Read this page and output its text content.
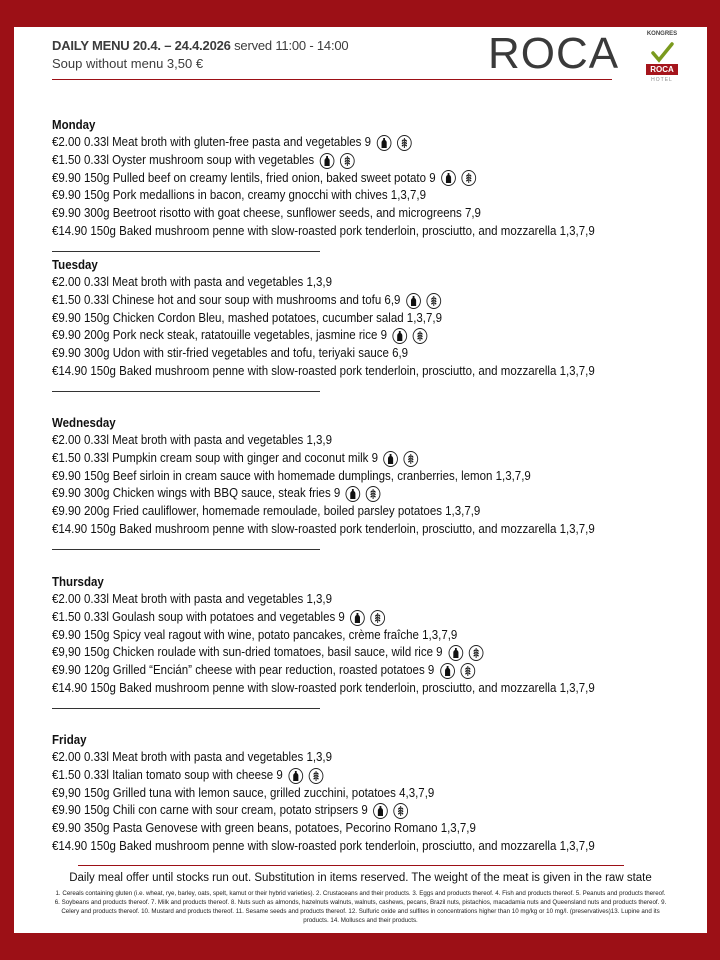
DAILY MENU 20.4. – 24.4.2026 served 11:00 - 14:00
Soup without menu 3,50 €	ROCA	KONGRES
ROCA
HOTEL
Monday
€2.00 0.33l Meat broth with gluten-free pasta and vegetables 9
€1.50 0.33l Oyster mushroom soup with vegetables
€9.90 150g Pulled beef on creamy lentils, fried onion, baked sweet potato 9
€9.90 150g Pork medallions in bacon, creamy gnocchi with chives 1,3,7,9
€9.90 300g Beetroot risotto with goat cheese, sunflower seeds, and microgreens 7,9
€14.90 150g Baked mushroom penne with slow-roasted pork tenderloin, prosciutto, and mozzarella 1,3,7,9
Tuesday
€2.00 0.33l Meat broth with pasta and vegetables 1,3,9
€1.50 0.33l Chinese hot and sour soup with mushrooms and tofu 6,9
€9.90 150g Chicken Cordon Bleu, mashed potatoes, cucumber salad 1,3,7,9
€9.90 200g Pork neck steak, ratatouille vegetables, jasmine rice 9
€9.90 300g Udon with stir-fried vegetables and tofu, teriyaki sauce 6,9
€14.90 150g Baked mushroom penne with slow-roasted pork tenderloin, prosciutto, and mozzarella 1,3,7,9
Wednesday
€2.00 0.33l Meat broth with pasta and vegetables 1,3,9
€1.50 0.33l Pumpkin cream soup with ginger and coconut milk 9
€9.90 150g Beef sirloin in cream sauce with homemade dumplings, cranberries, lemon 1,3,7,9
€9.90 300g Chicken wings with BBQ sauce, steak fries 9
€9.90 200g Fried cauliflower, homemade remoulade, boiled parsley potatoes 1,3,7,9
€14.90 150g Baked mushroom penne with slow-roasted pork tenderloin, prosciutto, and mozzarella 1,3,7,9
Thursday
€2.00 0.33l Meat broth with pasta and vegetables 1,3,9
€1.50 0.33l Goulash soup with potatoes and vegetables 9
€9.90 150g Spicy veal ragout with wine, potato pancakes, crème fraîche 1,3,7,9
€9,90 150g Chicken roulade with sun-dried tomatoes, basil sauce, wild rice 9
€9.90 120g Grilled “Encián” cheese with pear reduction, roasted potatoes 9
€14.90 150g Baked mushroom penne with slow-roasted pork tenderloin, prosciutto, and mozzarella 1,3,7,9
Friday
€2.00 0.33l Meat broth with pasta and vegetables 1,3,9
€1.50 0.33l Italian tomato soup with cheese 9
€9,90 150g Grilled tuna with lemon sauce, grilled zucchini, potatoes 4,3,7,9
€9.90 150g Chili con carne with sour cream, potato stripsers 9
€9.90 350g Pasta Genovese with green beans, potatoes, Pecorino Romano 1,3,7,9
€14.90 150g Baked mushroom penne with slow-roasted pork tenderloin, prosciutto, and mozzarella 1,3,7,9
Daily meal offer until stocks run out. Substitution in items reserved. The weight of the meat is given in the raw state
1. Cereals containing gluten (i.e. wheat, rye, barley, oats, spelt, kamut or their hybrid varieties). 2. Crustaceans and their products. 3. Eggs and products thereof. 4. Fish and products thereof. 5. Peanuts and products thereof. 6. Soybeans and products thereof. 7. Milk and products thereof. 8. Nuts such as almonds, hazelnuts walnuts, walnuts, cashews, pecans, Brazil nuts, pistachios, macadamia nuts and Queensland nuts and products thereof. 9. Celery and products thereof. 10. Mustard and products thereof. 11. Sesame seeds and products thereof. 12. Sulfuric oxide and sulfites in concentrations higher than 10 mg/kg or 10 mg/l. (preservatives)13. Lupine and its products. 14. Molluscs and their products.
